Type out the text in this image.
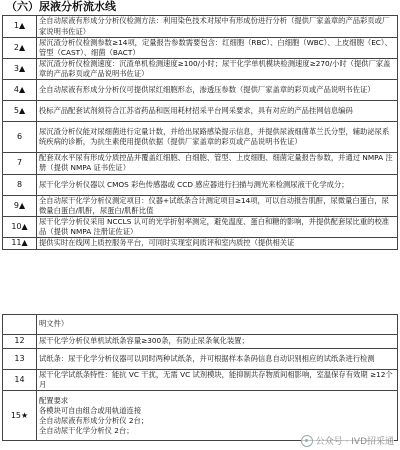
（六）尿液分析流水线
1▲	全自动尿液有形成分分析仪检测方法：利用染色技术对尿中有形成份进行分析（提供厂家盖章的产品彩页或厂家说明书佐证）
2▲	尿沉渣分析仪检测参数≥14项，定量报告参数需要包含：红细胞（RBC）、白细胞（WBC）、上皮细胞（EC）、管型（CAST）、细菌（BACT）
3▲	尿沉渣分析仪检测速度：沉渣单机检测速度≥100/小时；尿干化学单机模块检测速度≥270/小时（提供厂家盖章的产品彩页或产品说明书佐证）
4▲	全自动尿液有形成分分析仪可提供尿红细胞形态，渗透压参数（提供厂家盖章的彩页或产品说明书佐证）
5▲	投标产品配套试剂须符合江苏省药品和医用耗材招采平台网采要求，具有对应的产品挂网信息编码
6	尿沉渣分析仪能对尿细菌进行定量计数，并给出尿路感染提示信息，并提供尿液细菌革兰氏分型，辅助泌尿系统疾病的诊断，为抗生素使用提供依据（提供厂家盖章的彩页或产品说明书佐证）
7	配套双水平尿有形成分质控品并覆盖红细胞、白细胞、管型、上皮细胞、细菌定量报告参数，并通过 NMPA 注册（提供 NMPA 证书佐证）
8	尿干化学分析仪器以 CMOS 彩色传感器或 CCD 感应器进行扫描与测光来检测尿液干化学成分；
9▲	全自动尿干化学分析仪测定项目：仪器+试纸条合计测定项目≥14项，可以自动报告肌酐，尿微量白蛋白，尿微量白蛋白/肌酐，尿蛋白/肌酐比值
10▲	尿干化学分析仪采用 NCCLS 认可的光学折射率测定，避免温度、蛋白和糖的影响，并提供配套尿比重的校准品（提供 NMPA 注册证佐证）
11▲	提供实时在线网上质控服务平台，可同时实现室间质评和室内质控（提供相关证
	明文件）
12	尿干化学分析仪单机试纸条容量≥300条，有防止尿条氧化装置；
13	试纸条：尿干化学分析仪器可以同时两种试纸条，并可根据样本条码信息自动识别相应的试纸条进行检测
14	尿干化学试纸条特性：能抗 VC 干扰，无需 VC 试剂模块，能抑制共存物质间相影响，室温保存有效期 ≥12个月
15★	配置要求
各模块可自由组合或用轨道连接
全自动尿液有形成分分析仪 2台；
全自动尿干化学分析仪 2台；
公众号 · IVD招采通
